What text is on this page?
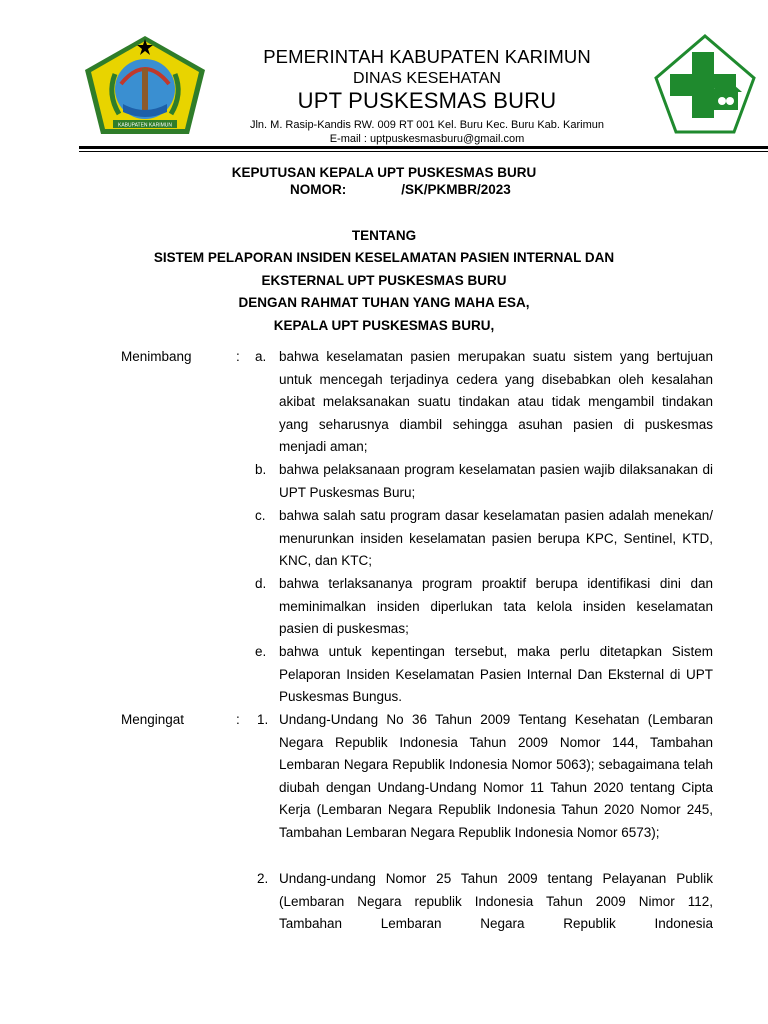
KABUPATEN KARIMUN
PEMERINTAH KABUPATEN KARIMUN
DINAS KESEHATAN
UPT PUSKESMAS BURU
Jln. M. Rasip-Kandis RW. 009 RT 001 Kel. Buru Kec. Buru Kab. Karimun
E-mail : uptpuskesmasburu@gmail.com
KEPUTUSAN KEPALA UPT PUSKESMAS BURU
NOMOR:	/SK/PKMBR/2023
TENTANG
SISTEM PELAPORAN INSIDEN KESELAMATAN PASIEN INTERNAL DAN
EKSTERNAL UPT PUSKESMAS BURU
DENGAN RAHMAT TUHAN YANG MAHA ESA,
KEPALA UPT PUSKESMAS BURU,
Menimbang	: a. bahwa keselamatan pasien merupakan suatu sistem yang bertujuan untuk mencegah terjadinya cedera yang disebabkan oleh kesalahan akibat melaksanakan suatu tindakan atau tidak mengambil tindakan yang seharusnya diambil sehingga asuhan pasien di puskesmas menjadi aman;
b. bahwa pelaksanaan program keselamatan pasien wajib dilaksanakan di UPT Puskesmas Buru;
c. bahwa salah satu program dasar keselamatan pasien adalah menekan/ menurunkan insiden keselamatan pasien berupa KPC, Sentinel, KTD, KNC, dan KTC;
d. bahwa terlaksananya program proaktif berupa identifikasi dini dan meminimalkan insiden diperlukan tata kelola insiden keselamatan pasien di puskesmas;
e. bahwa untuk kepentingan tersebut, maka perlu ditetapkan Sistem Pelaporan Insiden Keselamatan Pasien Internal Dan Eksternal di UPT Puskesmas Bungus.
Mengingat	: 1. Undang-Undang No 36 Tahun 2009 Tentang Kesehatan (Lembaran Negara Republik Indonesia Tahun 2009 Nomor 144, Tambahan Lembaran Negara Republik Indonesia Nomor 5063); sebagaimana telah diubah dengan Undang-Undang Nomor 11 Tahun 2020 tentang Cipta Kerja (Lembaran Negara Republik Indonesia Tahun 2020 Nomor 245, Tambahan Lembaran Negara Republik Indonesia Nomor 6573);
2. Undang-undang Nomor 25 Tahun 2009 tentang Pelayanan Publik (Lembaran Negara republik Indonesia Tahun 2009 Nimor 112, Tambahan Lembaran Negara Republik Indonesia
